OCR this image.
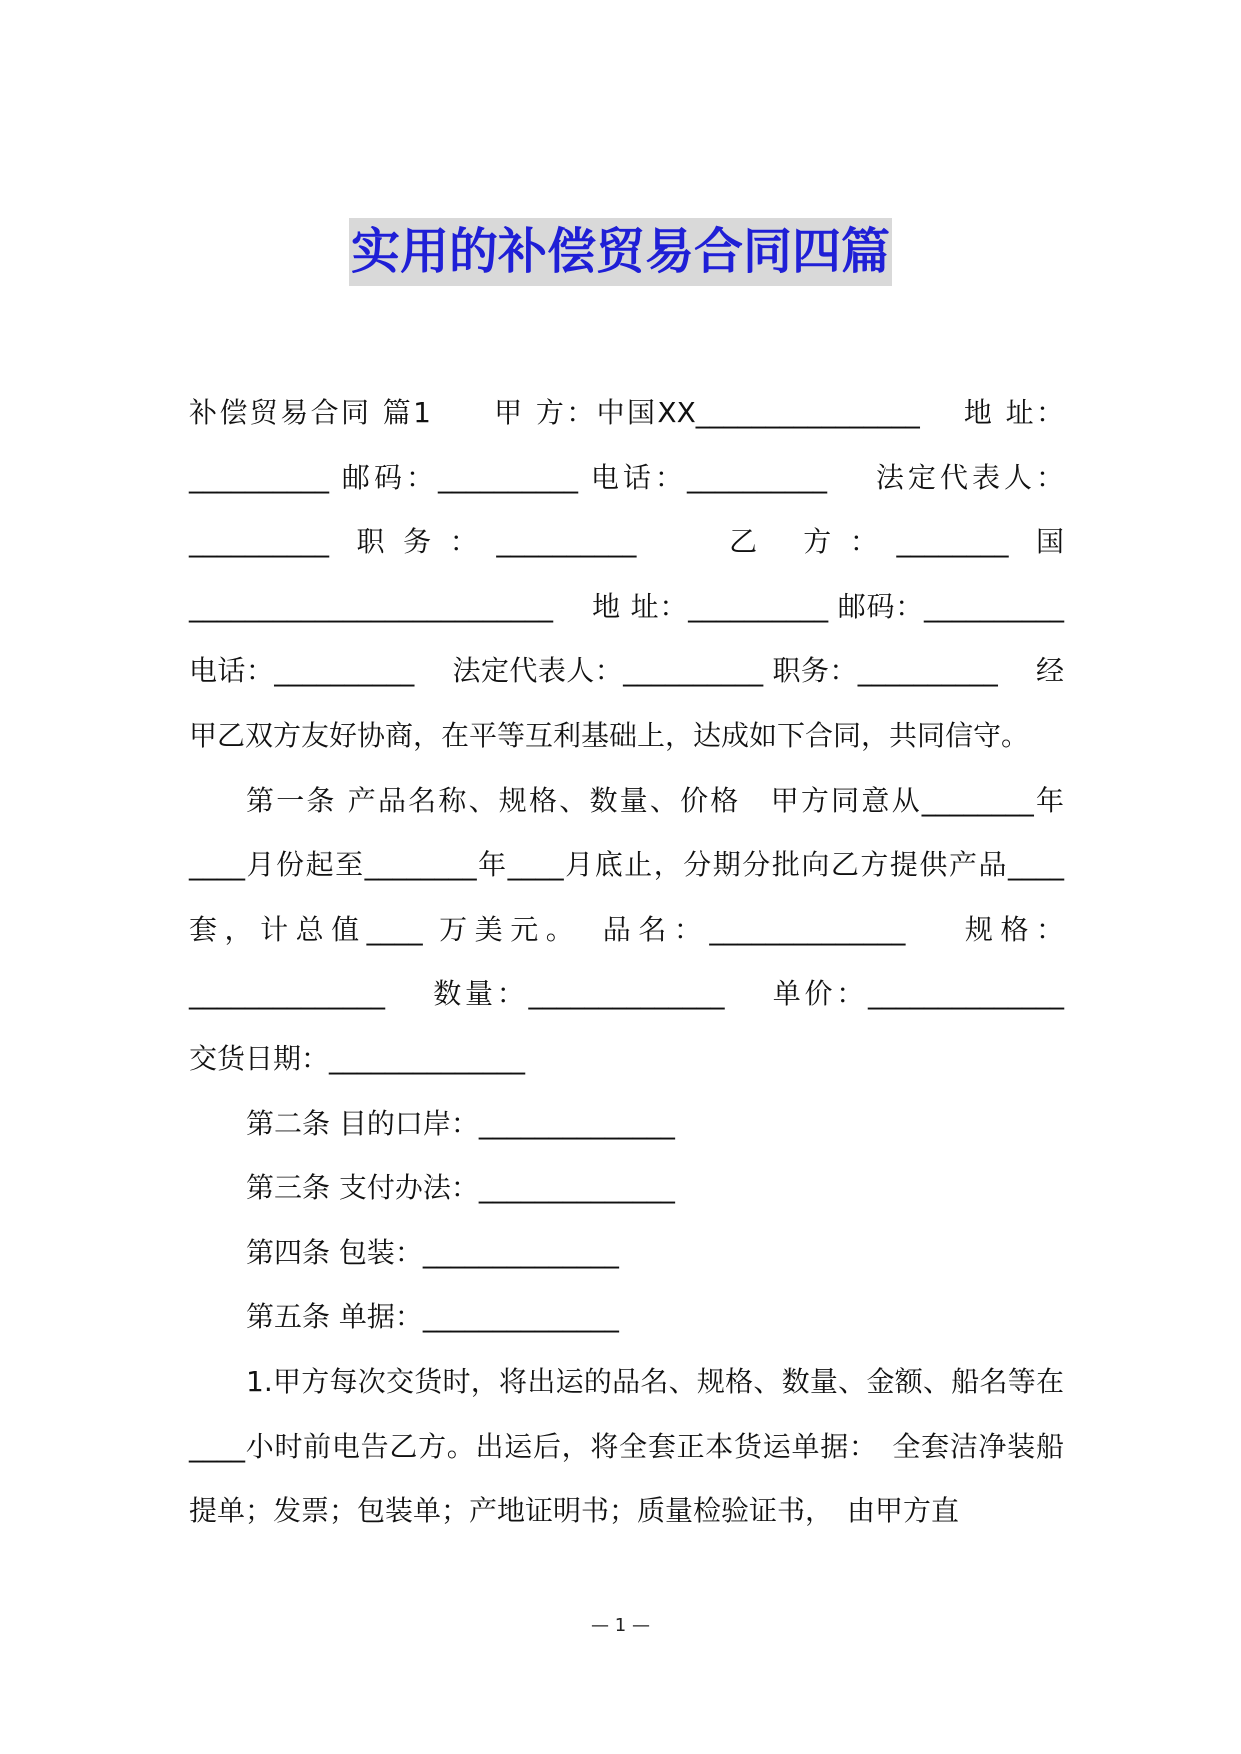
实用的补偿贸易合同四篇

补偿贸易合同 篇1　　甲 方：中国XX________________　 地 址：__________ 邮码：__________ 电话：__________　 法定代表人：__________ 职务：__________　 乙 方：________ 国__________________________　 地 址：__________ 邮码：__________ 电话：__________　 法定代表人：__________ 职务：__________　 经甲乙双方友好协商，在平等互利基础上，达成如下合同，共同信守。

第一条 产品名称、规格、数量、价格　甲方同意从________年____月份起至________年____月底止，分期分批向乙方提供产品____套，计总值____ 万美元。　品名：______________　 规格：______________　 数量：______________　 单价：______________　 交货日期：______________

第二条 目的口岸：______________

第三条 支付办法：______________

第四条 包装：______________

第五条 单据：______________

1.甲方每次交货时，将出运的品名、规格、数量、金额、船名等在____小时前电告乙方。出运后，将全套正本货运单据：　全套洁净装船提单；发票；包装单；产地证明书；质量检验证书，　由甲方直

— 1 —
